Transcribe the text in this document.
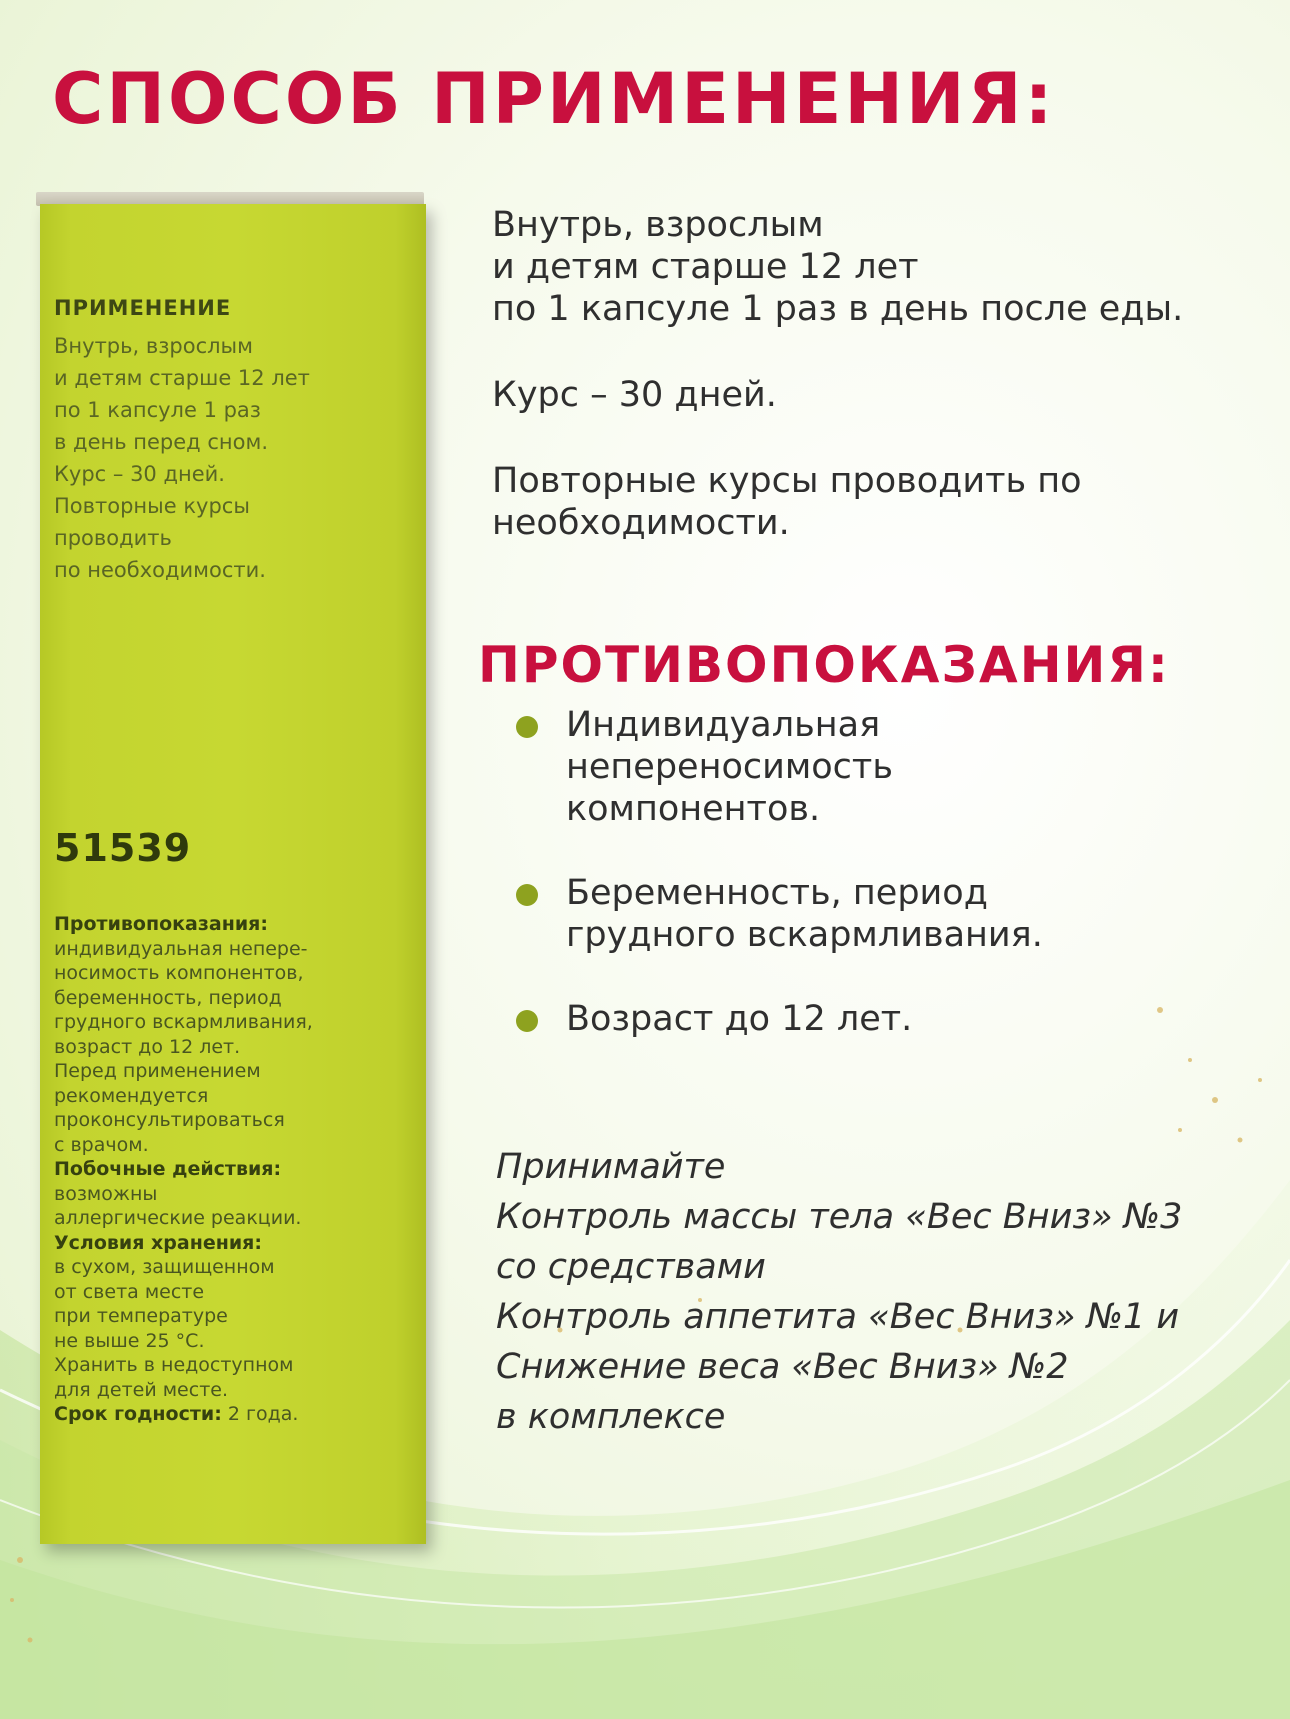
СПОСОБ ПРИМЕНЕНИЯ:
ПРИМЕНЕНИЕ
Внутрь, взрослым
и детям старше 12 лет
по 1 капсуле 1 раз
в день перед сном.
Курс – 30 дней.
Повторные курсы
проводить
по необходимости.
51539
Противопоказания:
индивидуальная непере-
носимость компонентов,
беременность, период
грудного вскармливания,
возраст до 12 лет.
Перед применением
рекомендуется
проконсультироваться
с врачом.
Побочные действия:
возможны
аллергические реакции.
Условия хранения:
в сухом, защищенном
от света месте
при температуре
не выше 25 °С.
Хранить в недоступном
для детей месте.
Срок годности: 2 года.

Внутрь, взрослым
и детям старше 12 лет
по 1 капсуле 1 раз в день после еды.

Курс – 30 дней.

Повторные курсы проводить по
необходимости.

ПРОТИВОПОКАЗАНИЯ:
Индивидуальная
непереносимость
компонентов.
Беременность, период
грудного вскармливания.
Возраст до 12 лет.
Принимайте
Контроль массы тела «Вес Вниз» №3
со средствами
Контроль аппетита «Вес Вниз» №1 и
Снижение веса «Вес Вниз» №2
в комплексе
